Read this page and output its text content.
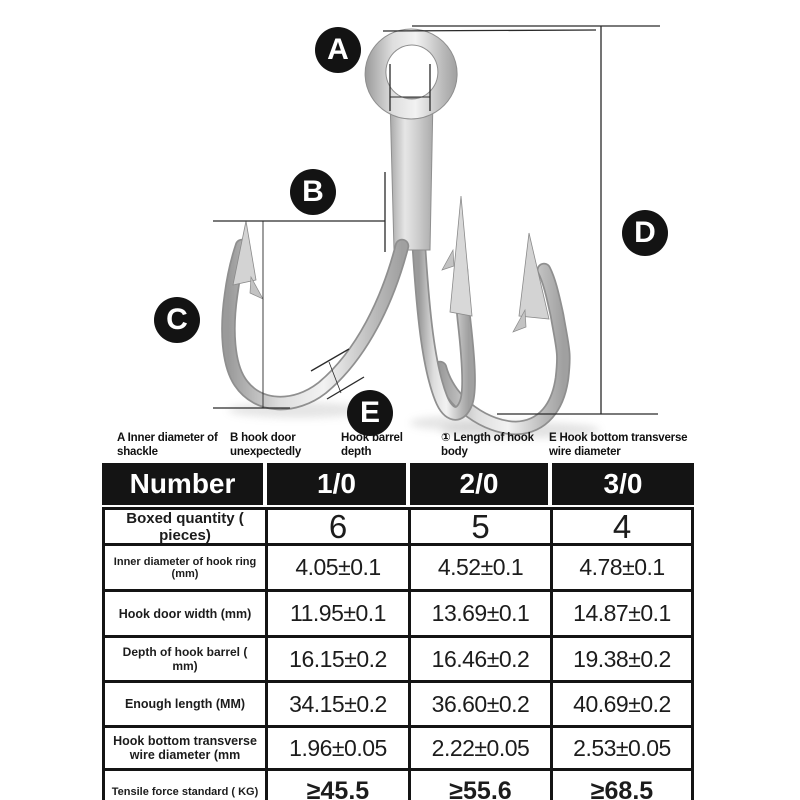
A
B
C
D
E
A Inner diameter of shackle
B hook door unexpectedly
Hook barrel depth
① Length of hook body
E Hook bottom transverse wire diameter
Number	1/0	2/0	3/0
Boxed quantity ( pieces)	6	5	4
Inner diameter of hook ring (mm)	4.05±0.1	4.52±0.1	4.78±0.1
Hook door width (mm)	11.95±0.1	13.69±0.1	14.87±0.1
Depth of hook barrel ( mm)	16.15±0.2	16.46±0.2	19.38±0.2
Enough length (MM)	34.15±0.2	36.60±0.2	40.69±0.2
Hook bottom transverse wire diameter (mm	1.96±0.05	2.22±0.05	2.53±0.05
Tensile force standard ( KG)	≥45.5	≥55.6	≥68.5
